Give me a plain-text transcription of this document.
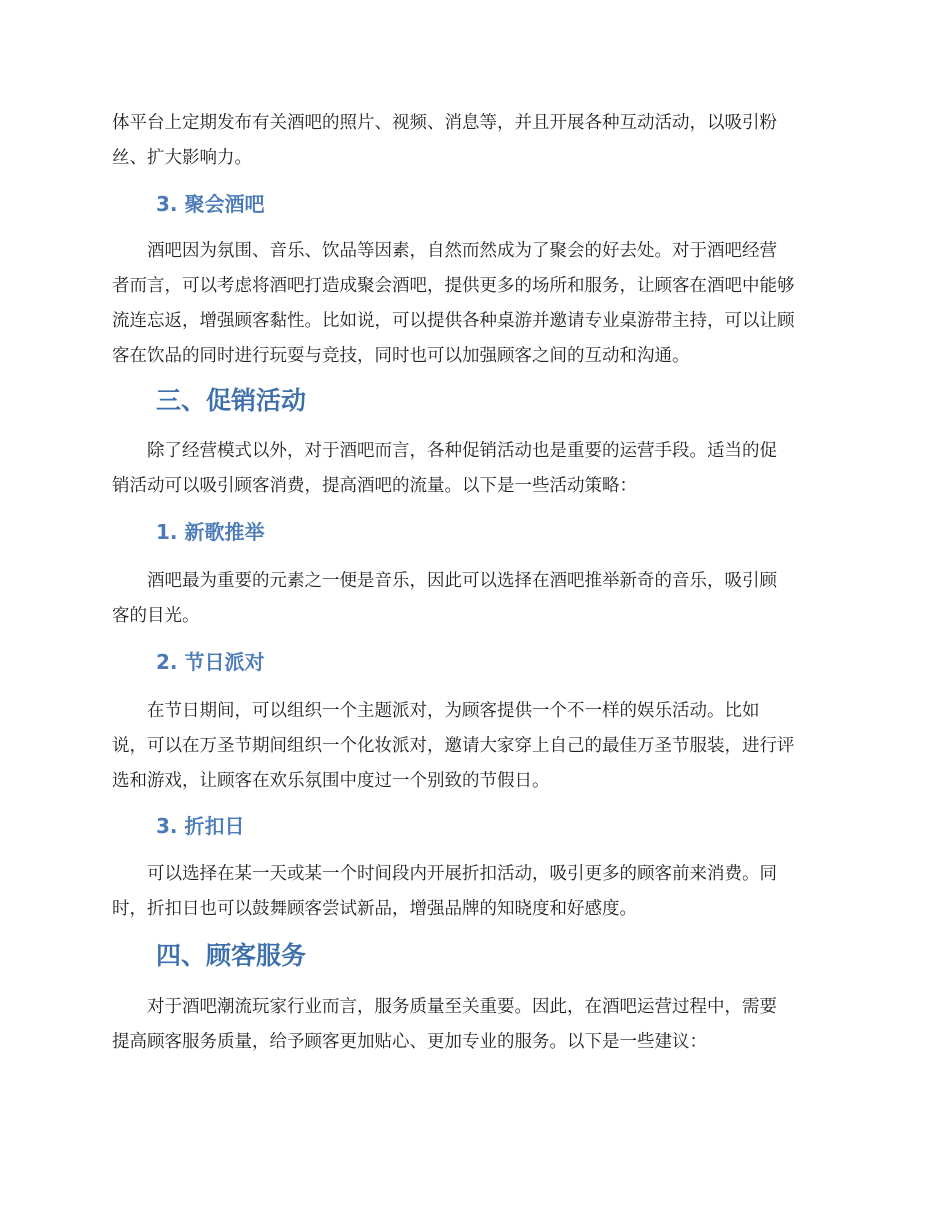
体平台上定期发布有关酒吧的照片、视频、消息等，并且开展各种互动活动，以吸引粉
丝、扩大影响力。
3. 聚会酒吧
　　酒吧因为氛围、音乐、饮品等因素，自然而然成为了聚会的好去处。对于酒吧经营
者而言，可以考虑将酒吧打造成聚会酒吧，提供更多的场所和服务，让顾客在酒吧中能够
流连忘返，增强顾客黏性。比如说，可以提供各种桌游并邀请专业桌游带主持，可以让顾
客在饮品的同时进行玩耍与竞技，同时也可以加强顾客之间的互动和沟通。
三、促销活动
　　除了经营模式以外，对于酒吧而言，各种促销活动也是重要的运营手段。适当的促
销活动可以吸引顾客消费，提高酒吧的流量。以下是一些活动策略：
1. 新歌推举
　　酒吧最为重要的元素之一便是音乐，因此可以选择在酒吧推举新奇的音乐，吸引顾
客的目光。
2. 节日派对
　　在节日期间，可以组织一个主题派对，为顾客提供一个不一样的娱乐活动。比如
说，可以在万圣节期间组织一个化妆派对，邀请大家穿上自己的最佳万圣节服装，进行评
选和游戏，让顾客在欢乐氛围中度过一个别致的节假日。
3. 折扣日
　　可以选择在某一天或某一个时间段内开展折扣活动，吸引更多的顾客前来消费。同
时，折扣日也可以鼓舞顾客尝试新品，增强品牌的知晓度和好感度。
四、顾客服务
　　对于酒吧潮流玩家行业而言，服务质量至关重要。因此，在酒吧运营过程中，需要
提高顾客服务质量，给予顾客更加贴心、更加专业的服务。以下是一些建议：
